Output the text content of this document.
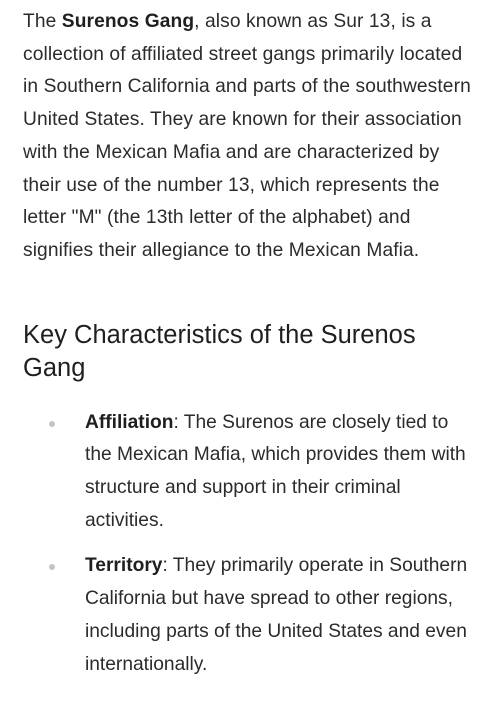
The Surenos Gang, also known as Sur 13, is a collection of affiliated street gangs primarily located in Southern California and parts of the southwestern United States. They are known for their association with the Mexican Mafia and are characterized by their use of the number 13, which represents the letter "M" (the 13th letter of the alphabet) and signifies their allegiance to the Mexican Mafia.

Key Characteristics of the Surenos Gang
Affiliation: The Surenos are closely tied to the Mexican Mafia, which provides them with structure and support in their criminal activities.
Territory: They primarily operate in Southern California but have spread to other regions, including parts of the United States and even internationally.
